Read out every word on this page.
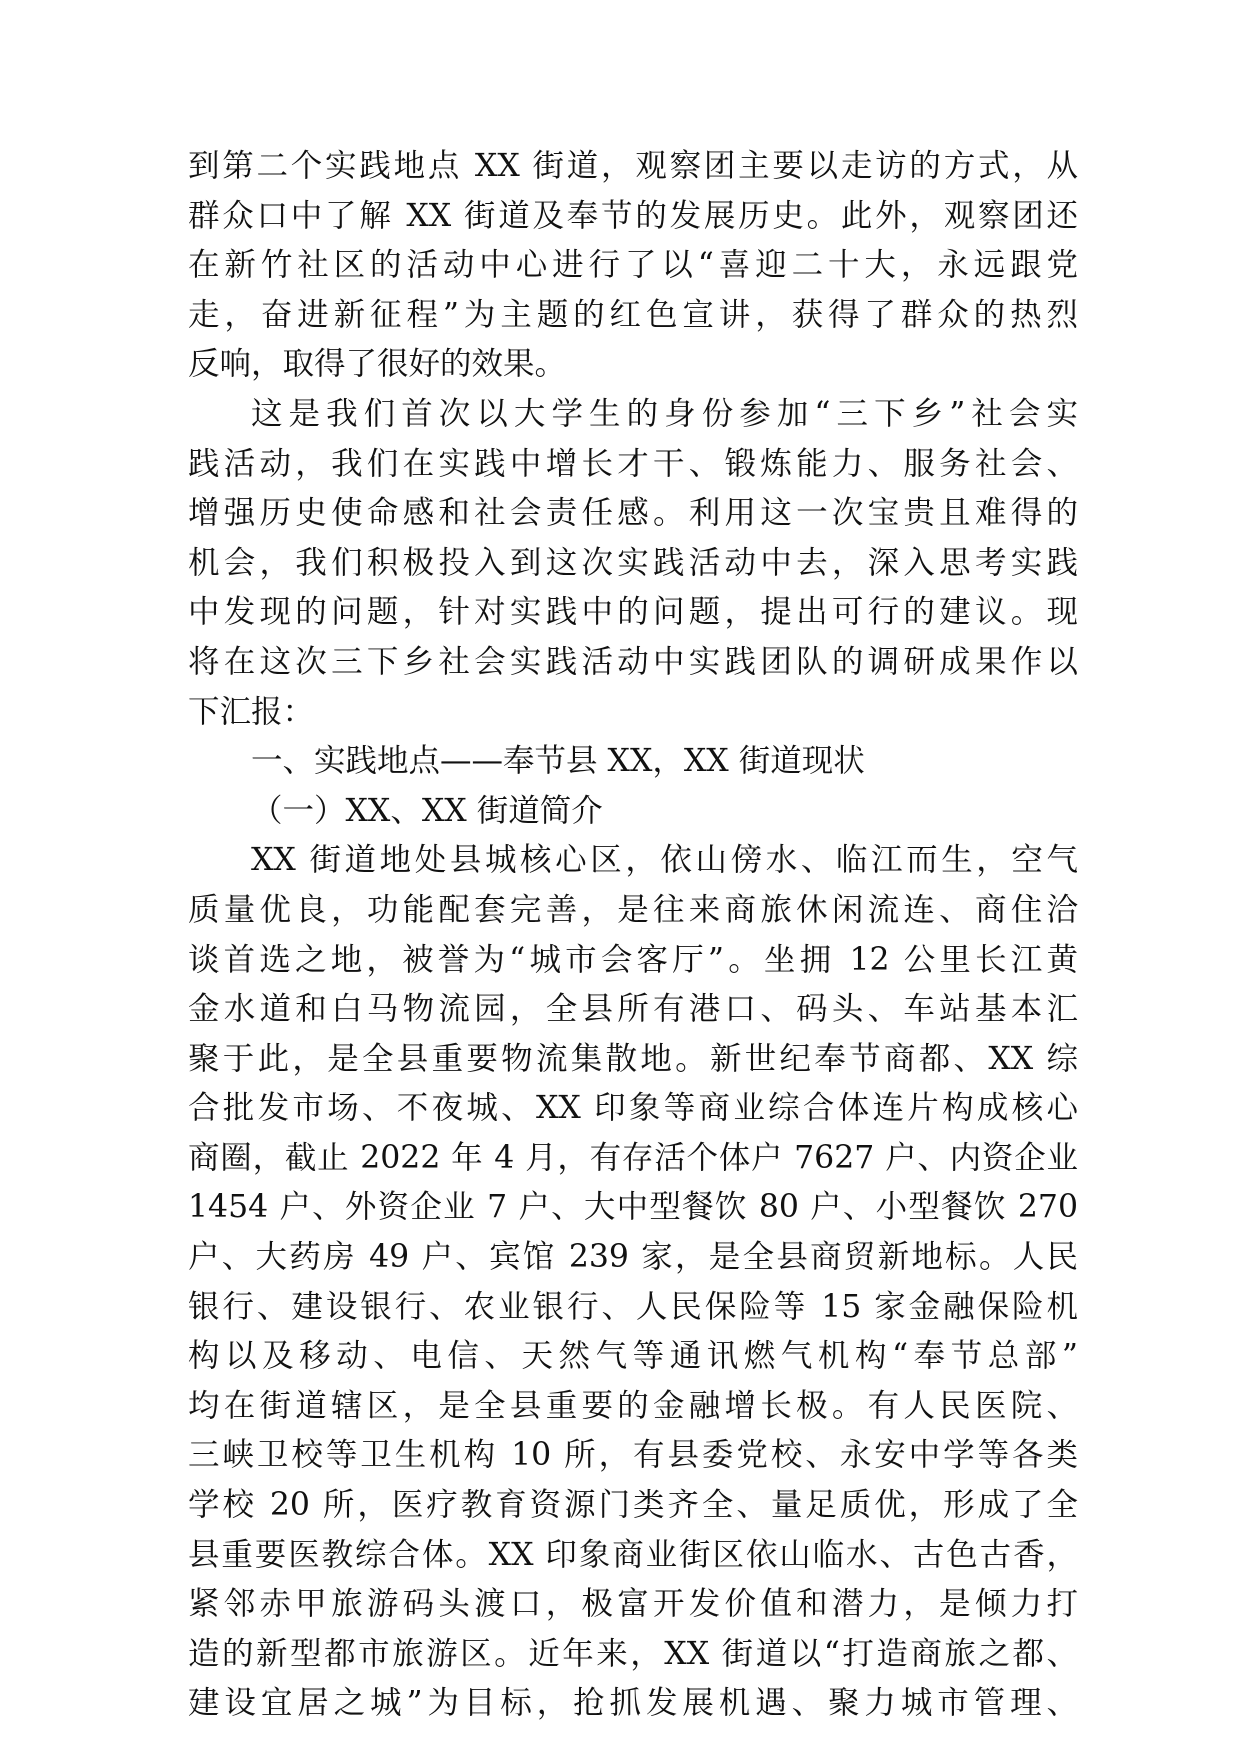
到第二个实践地点 XX 街道，观察团主要以走访的方式，从
群众口中了解 XX 街道及奉节的发展历史。此外，观察团还
在新竹社区的活动中心进行了以“喜迎二十大，永远跟党
走，奋进新征程”为主题的红色宣讲，获得了群众的热烈
反响，取得了很好的效果。
这是我们首次以大学生的身份参加“三下乡”社会实
践活动，我们在实践中增长才干、锻炼能力、服务社会、
增强历史使命感和社会责任感。利用这一次宝贵且难得的
机会，我们积极投入到这次实践活动中去，深入思考实践
中发现的问题，针对实践中的问题，提出可行的建议。现
将在这次三下乡社会实践活动中实践团队的调研成果作以
下汇报：
一、实践地点——奉节县 XX，XX 街道现状
（一）XX、XX 街道简介
XX 街道地处县城核心区，依山傍水、临江而生，空气
质量优良，功能配套完善，是往来商旅休闲流连、商住洽
谈首选之地，被誉为“城市会客厅”。坐拥 12 公里长江黄
金水道和白马物流园，全县所有港口、码头、车站基本汇
聚于此，是全县重要物流集散地。新世纪奉节商都、XX 综
合批发市场、不夜城、XX 印象等商业综合体连片构成核心
商圈，截止 2022 年 4 月，有存活个体户 7627 户、内资企业
1454 户、外资企业 7 户、大中型餐饮 80 户、小型餐饮 270
户、大药房 49 户、宾馆 239 家，是全县商贸新地标。人民
银行、建设银行、农业银行、人民保险等 15 家金融保险机
构以及移动、电信、天然气等通讯燃气机构“奉节总部”
均在街道辖区，是全县重要的金融增长极。有人民医院、
三峡卫校等卫生机构 10 所，有县委党校、永安中学等各类
学校 20 所，医疗教育资源门类齐全、量足质优，形成了全
县重要医教综合体。XX 印象商业街区依山临水、古色古香，
紧邻赤甲旅游码头渡口，极富开发价值和潜力，是倾力打
造的新型都市旅游区。近年来，XX 街道以“打造商旅之都、
建设宜居之城”为目标，抢抓发展机遇、聚力城市管理、
